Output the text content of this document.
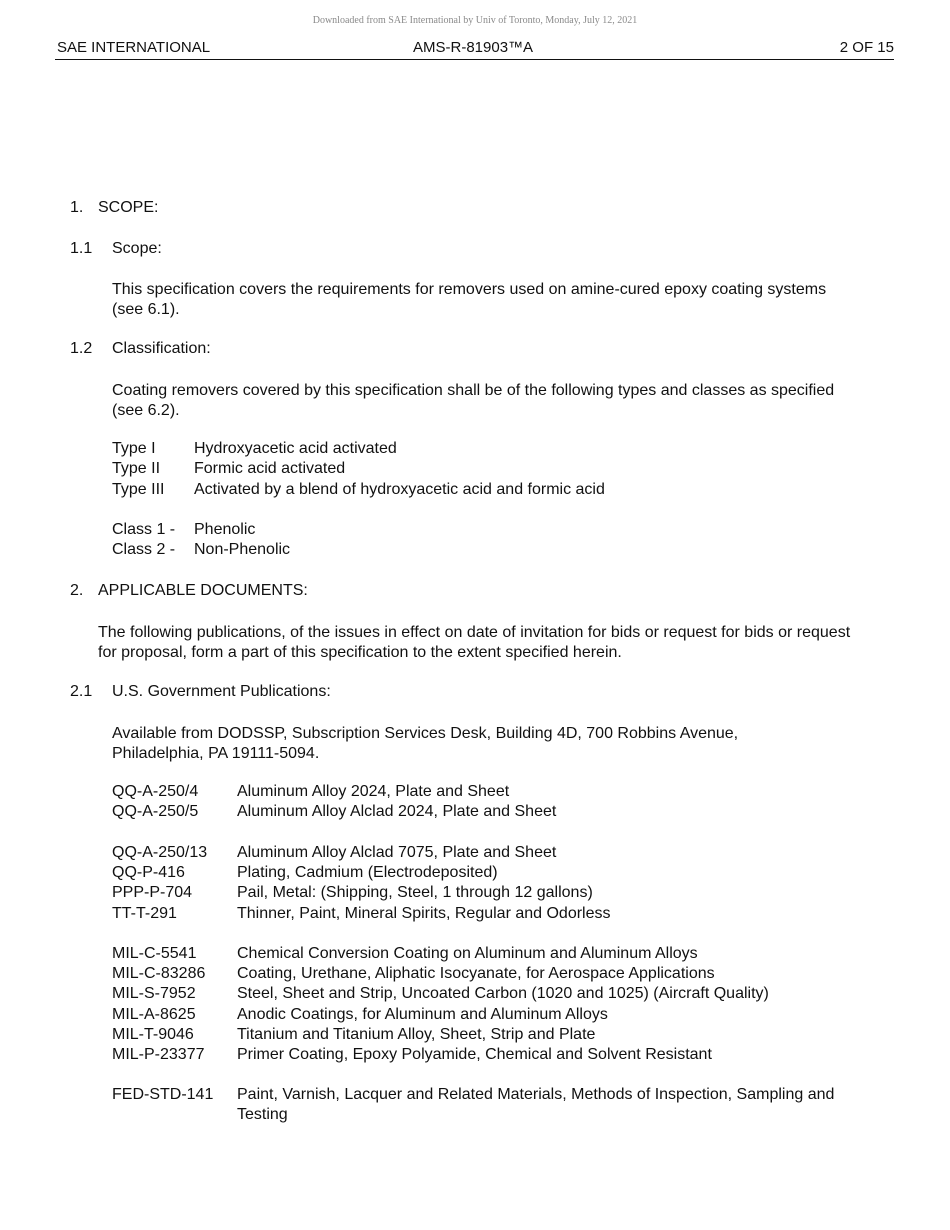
Downloaded from SAE International by Univ of Toronto, Monday, July 12, 2021
SAE INTERNATIONAL	AMS-R-81903™A	2 OF 15
1. SCOPE:
1.1 Scope:
This specification covers the requirements for removers used on amine-cured epoxy coating systems (see 6.1).
1.2 Classification:
Coating removers covered by this specification shall be of the following types and classes as specified (see 6.2).
Type I Hydroxyacetic acid activated
Type II Formic acid activated
Type III Activated by a blend of hydroxyacetic acid and formic acid
Class 1 - Phenolic
Class 2 - Non-Phenolic
2. APPLICABLE DOCUMENTS:
The following publications, of the issues in effect on date of invitation for bids or request for bids or request for proposal, form a part of this specification to the extent specified herein.
2.1 U.S. Government Publications:
Available from DODSSP, Subscription Services Desk, Building 4D, 700 Robbins Avenue, Philadelphia, PA 19111-5094.
QQ-A-250/4 Aluminum Alloy 2024, Plate and Sheet
QQ-A-250/5 Aluminum Alloy Alclad 2024, Plate and Sheet
QQ-A-250/13 Aluminum Alloy Alclad 7075, Plate and Sheet
QQ-P-416	Plating, Cadmium (Electrodeposited)
PPP-P-704	Pail, Metal: (Shipping, Steel, 1 through 12 gallons)
TT-T-291	Thinner, Paint, Mineral Spirits, Regular and Odorless
MIL-C-5541	Chemical Conversion Coating on Aluminum and Aluminum Alloys
MIL-C-83286 Coating, Urethane, Aliphatic Isocyanate, for Aerospace Applications
MIL-S-7952	Steel, Sheet and Strip, Uncoated Carbon (1020 and 1025) (Aircraft Quality)
MIL-A-8625	Anodic Coatings, for Aluminum and Aluminum Alloys
MIL-T-9046	Titanium and Titanium Alloy, Sheet, Strip and Plate
MIL-P-23377 Primer Coating, Epoxy Polyamide, Chemical and Solvent Resistant
FED-STD-141 Paint, Varnish, Lacquer and Related Materials, Methods of Inspection, Sampling and Testing
